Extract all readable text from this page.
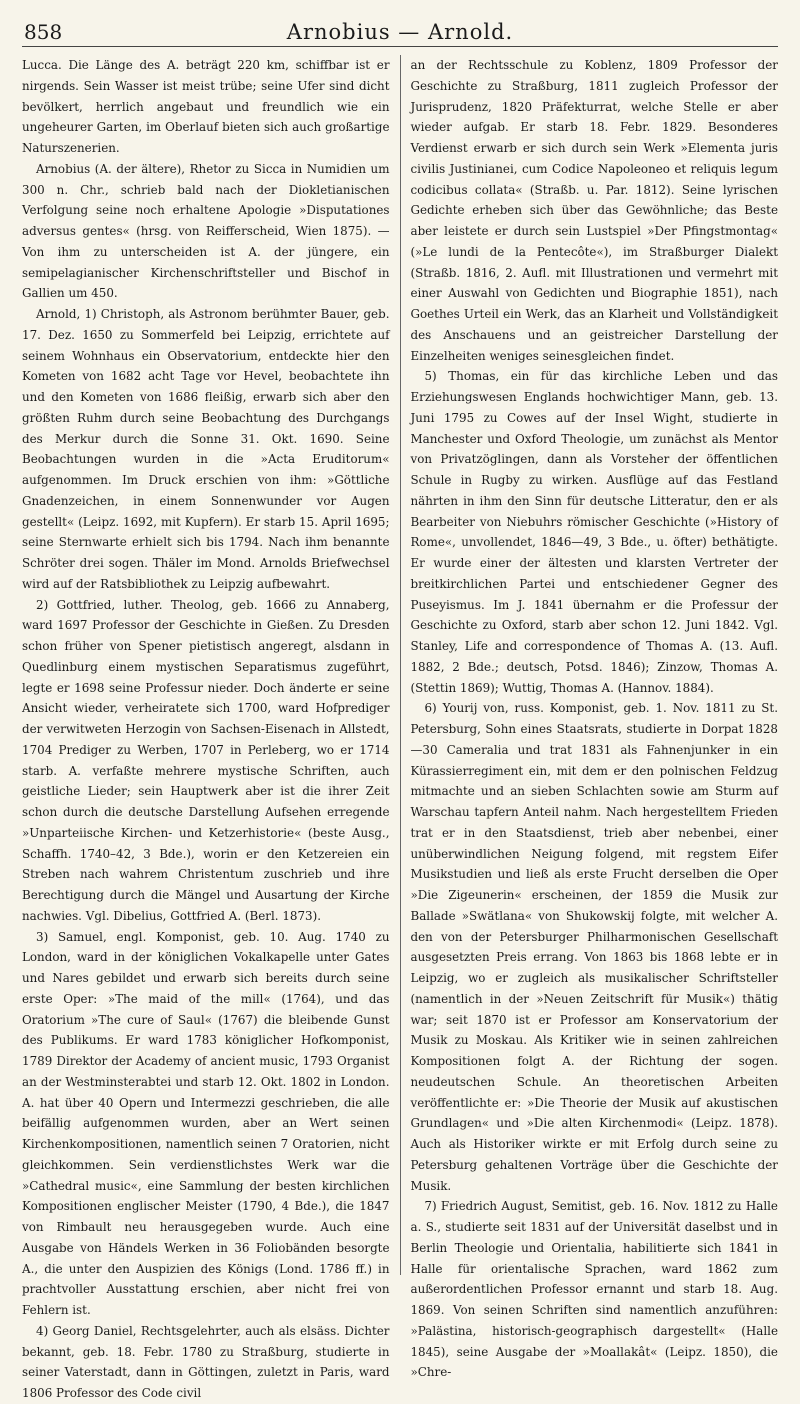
858	Arnobius — Arnold.

Lucca. Die Länge des A. beträgt 220 km, schiffbar ist er nirgends. Sein Wasser ist meist trübe; seine Ufer sind dicht bevölkert, herrlich angebaut und freundlich wie ein ungeheurer Garten, im Oberlauf bieten sich auch großartige Naturszenerien.

Arnobius (A. der ältere), Rhetor zu Sicca in Numidien um 300 n. Chr., schrieb bald nach der Diokletianischen Verfolgung seine noch erhaltene Apologie »Disputationes adversus gentes« (hrsg. von Reifferscheid, Wien 1875). — Von ihm zu unterscheiden ist A. der jüngere, ein semipelagianischer Kirchenschriftsteller und Bischof in Gallien um 450.

Arnold, 1) Christoph, als Astronom berühmter Bauer, geb. 17. Dez. 1650 zu Sommerfeld bei Leipzig, errichtete auf seinem Wohnhaus ein Observatorium, entdeckte hier den Kometen von 1682 acht Tage vor Hevel, beobachtete ihn und den Kometen von 1686 fleißig, erwarb sich aber den größten Ruhm durch seine Beobachtung des Durchgangs des Merkur durch die Sonne 31. Okt. 1690. Seine Beobachtungen wurden in die »Acta Eruditorum« aufgenommen. Im Druck erschien von ihm: »Göttliche Gnadenzeichen, in einem Sonnenwunder vor Augen gestellt« (Leipz. 1692, mit Kupfern). Er starb 15. April 1695; seine Sternwarte erhielt sich bis 1794. Nach ihm benannte Schröter drei sogen. Thäler im Mond. Arnolds Briefwechsel wird auf der Ratsbibliothek zu Leipzig aufbewahrt.

2) Gottfried, luther. Theolog, geb. 1666 zu Annaberg, ward 1697 Professor der Geschichte in Gießen. Zu Dresden schon früher von Spener pietistisch angeregt, alsdann in Quedlinburg einem mystischen Separatismus zugeführt, legte er 1698 seine Professur nieder. Doch änderte er seine Ansicht wieder, verheiratete sich 1700, ward Hofprediger der verwitweten Herzogin von Sachsen-Eisenach in Allstedt, 1704 Prediger zu Werben, 1707 in Perleberg, wo er 1714 starb. A. verfaßte mehrere mystische Schriften, auch geistliche Lieder; sein Hauptwerk aber ist die ihrer Zeit schon durch die deutsche Darstellung Aufsehen erregende »Unparteiische Kirchen- und Ketzerhistorie« (beste Ausg., Schaffh. 1740–42, 3 Bde.), worin er den Ketzereien ein Streben nach wahrem Christentum zuschrieb und ihre Berechtigung durch die Mängel und Ausartung der Kirche nachwies. Vgl. Dibelius, Gottfried A. (Berl. 1873).

3) Samuel, engl. Komponist, geb. 10. Aug. 1740 zu London, ward in der königlichen Vokalkapelle unter Gates und Nares gebildet und erwarb sich bereits durch seine erste Oper: »The maid of the mill« (1764), und das Oratorium »The cure of Saul« (1767) die bleibende Gunst des Publikums. Er ward 1783 königlicher Hofkomponist, 1789 Direktor der Academy of ancient music, 1793 Organist an der Westminsterabtei und starb 12. Okt. 1802 in London. A. hat über 40 Opern und Intermezzi geschrieben, die alle beifällig aufgenommen wurden, aber an Wert seinen Kirchenkompositionen, namentlich seinen 7 Oratorien, nicht gleichkommen. Sein verdienstlichstes Werk war die »Cathedral music«, eine Sammlung der besten kirchlichen Kompositionen englischer Meister (1790, 4 Bde.), die 1847 von Rimbault neu herausgegeben wurde. Auch eine Ausgabe von Händels Werken in 36 Foliobänden besorgte A., die unter den Auspizien des Königs (Lond. 1786 ff.) in prachtvoller Ausstattung erschien, aber nicht frei von Fehlern ist.

4) Georg Daniel, Rechtsgelehrter, auch als elsäss. Dichter bekannt, geb. 18. Febr. 1780 zu Straßburg, studierte in seiner Vaterstadt, dann in Göttingen, zuletzt in Paris, ward 1806 Professor des Code civil

an der Rechtsschule zu Koblenz, 1809 Professor der Geschichte zu Straßburg, 1811 zugleich Professor der Jurisprudenz, 1820 Präfekturrat, welche Stelle er aber wieder aufgab. Er starb 18. Febr. 1829. Besonderes Verdienst erwarb er sich durch sein Werk »Elementa juris civilis Justinianei, cum Codice Napoleoneo et reliquis legum codicibus collata« (Straßb. u. Par. 1812). Seine lyrischen Gedichte erheben sich über das Gewöhnliche; das Beste aber leistete er durch sein Lustspiel »Der Pfingstmontag« (»Le lundi de la Pentecôte«), im Straßburger Dialekt (Straßb. 1816, 2. Aufl. mit Illustrationen und vermehrt mit einer Auswahl von Gedichten und Biographie 1851), nach Goethes Urteil ein Werk, das an Klarheit und Vollständigkeit des Anschauens und an geistreicher Darstellung der Einzelheiten weniges seinesgleichen findet.

5) Thomas, ein für das kirchliche Leben und das Erziehungswesen Englands hochwichtiger Mann, geb. 13. Juni 1795 zu Cowes auf der Insel Wight, studierte in Manchester und Oxford Theologie, um zunächst als Mentor von Privatzöglingen, dann als Vorsteher der öffentlichen Schule in Rugby zu wirken. Ausflüge auf das Festland nährten in ihm den Sinn für deutsche Litteratur, den er als Bearbeiter von Niebuhrs römischer Geschichte (»History of Rome«, unvollendet, 1846—49, 3 Bde., u. öfter) bethätigte. Er wurde einer der ältesten und klarsten Vertreter der breitkirchlichen Partei und entschiedener Gegner des Puseyismus. Im J. 1841 übernahm er die Professur der Geschichte zu Oxford, starb aber schon 12. Juni 1842. Vgl. Stanley, Life and correspondence of Thomas A. (13. Aufl. 1882, 2 Bde.; deutsch, Potsd. 1846); Zinzow, Thomas A. (Stettin 1869); Wuttig, Thomas A. (Hannov. 1884).

6) Yourij von, russ. Komponist, geb. 1. Nov. 1811 zu St. Petersburg, Sohn eines Staatsrats, studierte in Dorpat 1828—30 Cameralia und trat 1831 als Fahnenjunker in ein Kürassierregiment ein, mit dem er den polnischen Feldzug mitmachte und an sieben Schlachten sowie am Sturm auf Warschau tapfern Anteil nahm. Nach hergestelltem Frieden trat er in den Staatsdienst, trieb aber nebenbei, einer unüberwindlichen Neigung folgend, mit regstem Eifer Musikstudien und ließ als erste Frucht derselben die Oper »Die Zigeunerin« erscheinen, der 1859 die Musik zur Ballade »Swätlana« von Shukowskij folgte, mit welcher A. den von der Petersburger Philharmonischen Gesellschaft ausgesetzten Preis errang. Von 1863 bis 1868 lebte er in Leipzig, wo er zugleich als musikalischer Schriftsteller (namentlich in der »Neuen Zeitschrift für Musik«) thätig war; seit 1870 ist er Professor am Konservatorium der Musik zu Moskau. Als Kritiker wie in seinen zahlreichen Kompositionen folgt A. der Richtung der sogen. neudeutschen Schule. An theoretischen Arbeiten veröffentlichte er: »Die Theorie der Musik auf akustischen Grundlagen« und »Die alten Kirchenmodi« (Leipz. 1878). Auch als Historiker wirkte er mit Erfolg durch seine zu Petersburg gehaltenen Vorträge über die Geschichte der Musik.

7) Friedrich August, Semitist, geb. 16. Nov. 1812 zu Halle a. S., studierte seit 1831 auf der Universität daselbst und in Berlin Theologie und Orientalia, habilitierte sich 1841 in Halle für orientalische Sprachen, ward 1862 zum außerordentlichen Professor ernannt und starb 18. Aug. 1869. Von seinen Schriften sind namentlich anzuführen: »Palästina, historisch-geographisch dargestellt« (Halle 1845), seine Ausgabe der »Moallakât« (Leipz. 1850), die »Chre-
